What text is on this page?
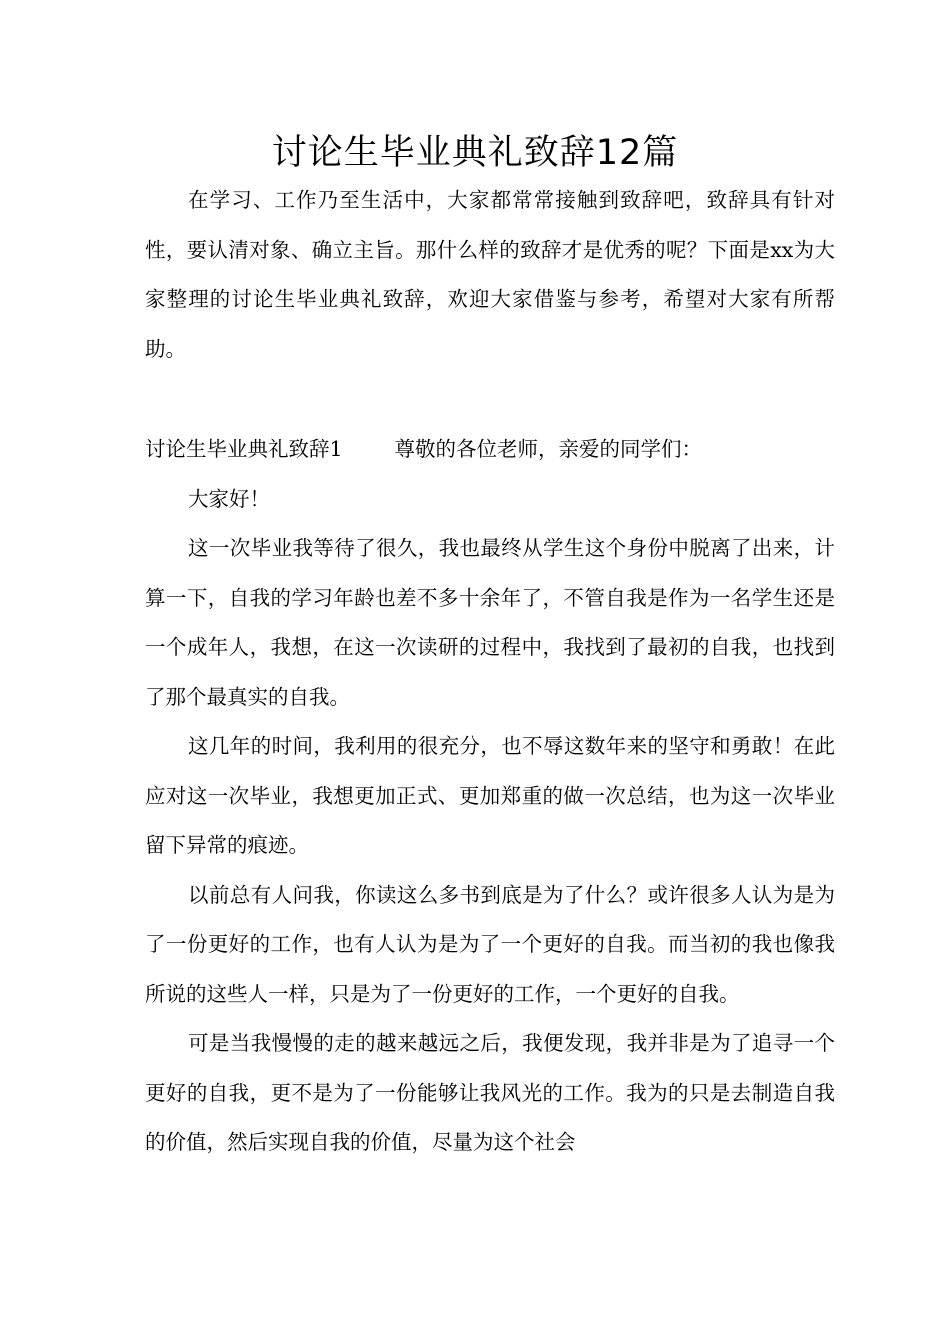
讨论生毕业典礼致辞12篇

在学习、工作乃至生活中，大家都常常接触到致辞吧，致辞具有针对性，要认清对象、确立主旨。那什么样的致辞才是优秀的呢？下面是xx为大家整理的讨论生毕业典礼致辞，欢迎大家借鉴与参考，希望对大家有所帮助。

讨论生毕业典礼致辞1	尊敬的各位老师，亲爱的同学们：

大家好！

这一次毕业我等待了很久，我也最终从学生这个身份中脱离了出来，计算一下，自我的学习年龄也差不多十余年了，不管自我是作为一名学生还是一个成年人，我想，在这一次读研的过程中，我找到了最初的自我，也找到了那个最真实的自我。

这几年的时间，我利用的很充分，也不辱这数年来的坚守和勇敢！在此应对这一次毕业，我想更加正式、更加郑重的做一次总结，也为这一次毕业留下异常的痕迹。

以前总有人问我，你读这么多书到底是为了什么？或许很多人认为是为了一份更好的工作，也有人认为是为了一个更好的自我。而当初的我也像我所说的这些人一样，只是为了一份更好的工作，一个更好的自我。

可是当我慢慢的走的越来越远之后，我便发现，我并非是为了追寻一个更好的自我，更不是为了一份能够让我风光的工作。我为的只是去制造自我的价值，然后实现自我的价值，尽量为这个社会
